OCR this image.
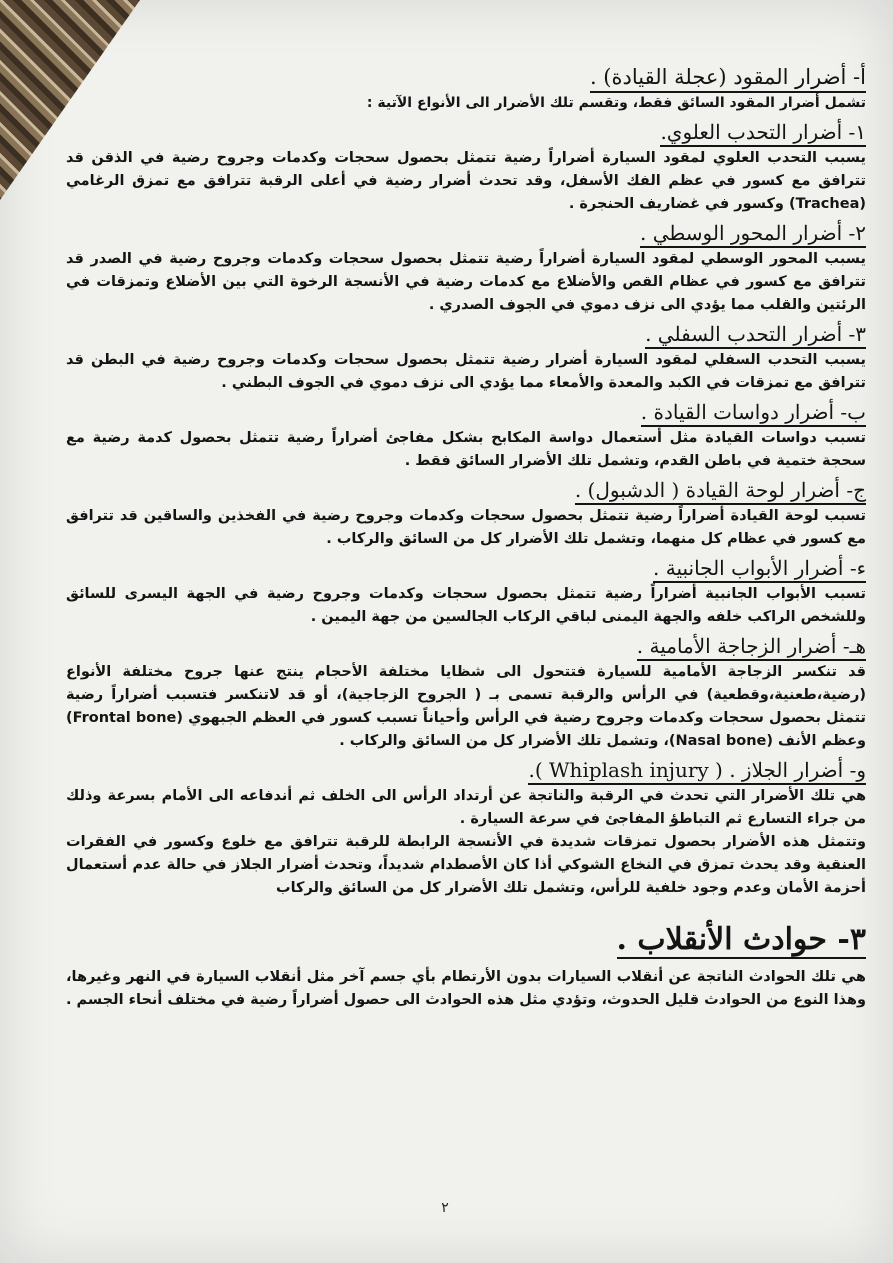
أ- أضرار المقود (عجلة القيادة) .

تشمل أضرار المقود السائق فقط، وتقسم تلك الأضرار الى الأنواع الآتية :

١- أضرار التحدب العلوي.

يسبب التحدب العلوي لمقود السيارة أضراراً رضية تتمثل بحصول سحجات وكدمات وجروح رضية في الذقن قد تترافق مع كسور في عظم الفك الأسفل، وقد تحدث أضرار رضية في أعلى الرقبة تترافق مع تمزق الرغامي (Trachea) وكسور في غضاريف الحنجرة .

٢- أضرار المحور الوسطي .

يسبب المحور الوسطي لمقود السيارة أضراراً رضية تتمثل بحصول سحجات وكدمات وجروح رضية في الصدر قد تترافق مع كسور في عظام القص والأضلاع مع كدمات رضية في الأنسجة الرخوة التي بين الأضلاع وتمزقات في الرئتين والقلب مما يؤدي الى نزف دموي في الجوف الصدري .

٣- أضرار التحدب السفلي .

يسبب التحدب السفلي لمقود السيارة أضرار رضية تتمثل بحصول سحجات وكدمات وجروح رضية في البطن قد تترافق مع تمزقات في الكبد والمعدة والأمعاء مما يؤدي الى نزف دموي في الجوف البطني .

ب- أضرار دواسات القيادة .

تسبب دواسات القيادة مثل أستعمال دواسة المكابح بشكل مفاجئ أضراراً رضية تتمثل بحصول كدمة رضية مع سحجة ختمية في باطن القدم، وتشمل تلك الأضرار السائق فقط .

ج- أضرار لوحة القيادة ( الدشبول) .

تسبب لوحة القيادة أضراراً رضية تتمثل بحصول سحجات وكدمات وجروح رضية في الفخذين والساقين قد تترافق مع كسور في عظام كل منهما، وتشمل تلك الأضرار كل من السائق والركاب .

ء- أضرار الأبواب الجانبية .

تسبب الأبواب الجانبية أضراراً رضية تتمثل بحصول سحجات وكدمات وجروح رضية في الجهة اليسرى للسائق وللشخص الراكب خلفه والجهة اليمنى لباقي الركاب الجالسين من جهة اليمين .

هـ- أضرار الزجاجة الأمامية .

قد تنكسر الزجاجة الأمامية للسيارة فتتحول الى شظايا مختلفة الأحجام ينتج عنها جروح مختلفة الأنواع (رضية،طعنية،وقطعية) في الرأس والرقبة تسمى بـ ( الجروح الزجاجية)، أو قد لاتنكسر فتسبب أضراراً رضية تتمثل بحصول سحجات وكدمات وجروح رضية في الرأس وأحياناً تسبب كسور في العظم الجبهوي (Frontal bone) وعظم الأنف (Nasal bone)، وتشمل تلك الأضرار كل من السائق والركاب .

و- أضرار الجلاز . ( Whiplash injury ).

هي تلك الأضرار التي تحدث في الرقبة والناتجة عن أرتداد الرأس الى الخلف ثم أندفاعه الى الأمام بسرعة وذلك من جراء التسارع ثم التباطؤ المفاجئ في سرعة السيارة .

وتتمثل هذه الأضرار بحصول تمزقات شديدة في الأنسجة الرابطة للرقبة تترافق مع خلوع وكسور في الفقرات العنقية وقد يحدث تمزق في النخاع الشوكي أذا كان الأصطدام شديداً، وتحدث أضرار الجلاز في حالة عدم أستعمال أحزمة الأمان وعدم وجود خلفية للرأس، وتشمل تلك الأضرار كل من السائق والركاب

٣- حوادث الأنقلاب .

هي تلك الحوادث الناتجة عن أنقلاب السيارات بدون الأرتطام بأي جسم آخر مثل أنقلاب السيارة في النهر وغيرها، وهذا النوع من الحوادث قليل الحدوث، وتؤدي مثل هذه الحوادث الى حصول أضراراً رضية في مختلف أنحاء الجسم .

٢
